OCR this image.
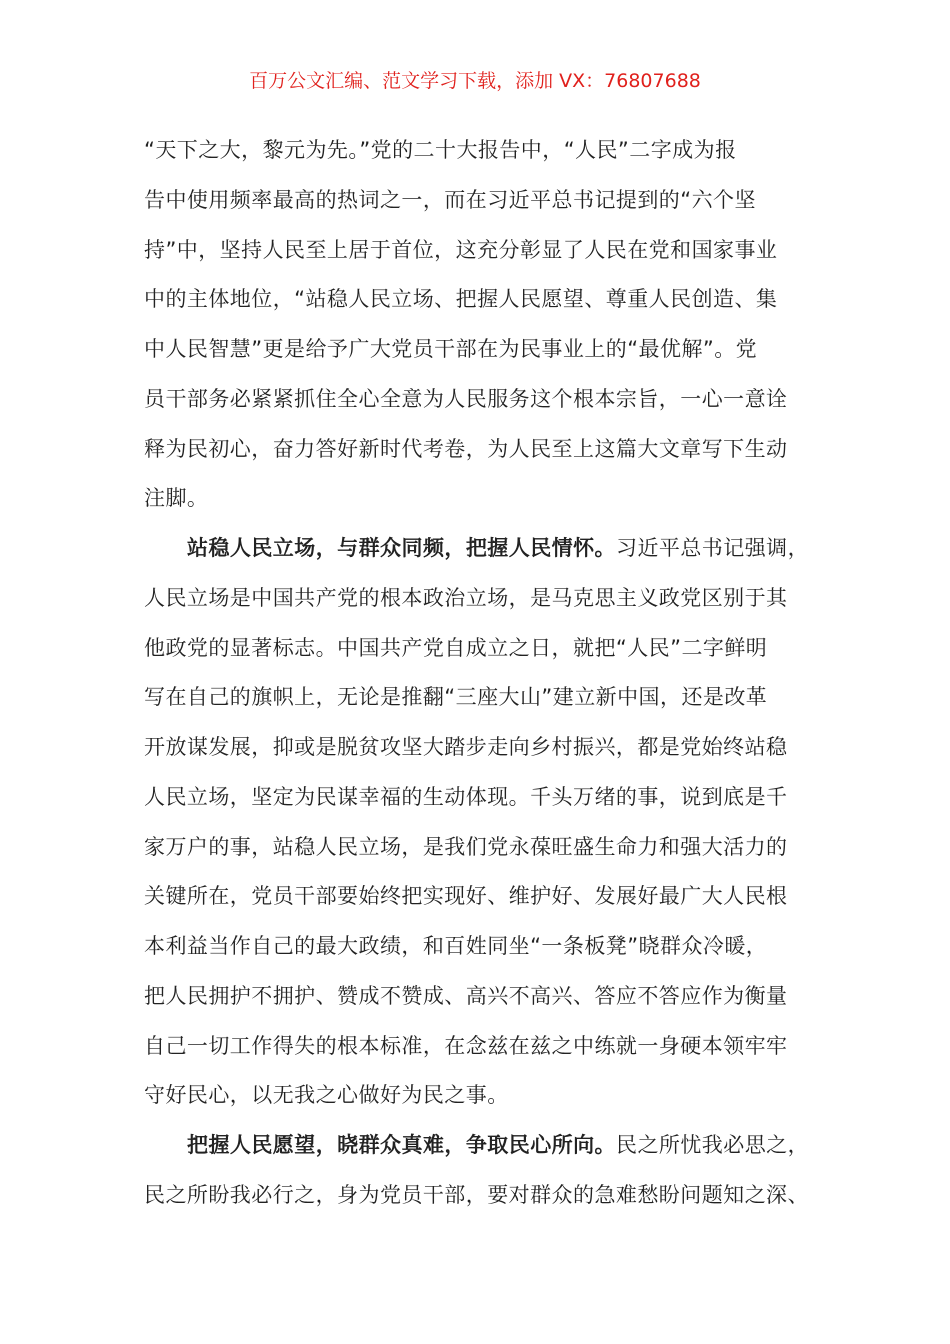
百万公文汇编、范文学习下载，添加 VX：76807688
“天下之大，黎元为先。”党的二十大报告中，“人民”二字成为报
告中使用频率最高的热词之一，而在习近平总书记提到的“六个坚
持”中，坚持人民至上居于首位，这充分彰显了人民在党和国家事业
中的主体地位，“站稳人民立场、把握人民愿望、尊重人民创造、集
中人民智慧”更是给予广大党员干部在为民事业上的“最优解”。党
员干部务必紧紧抓住全心全意为人民服务这个根本宗旨，一心一意诠
释为民初心，奋力答好新时代考卷，为人民至上这篇大文章写下生动
注脚。
站稳人民立场，与群众同频，把握人民情怀。习近平总书记强调，
人民立场是中国共产党的根本政治立场，是马克思主义政党区别于其
他政党的显著标志。中国共产党自成立之日，就把“人民”二字鲜明
写在自己的旗帜上，无论是推翻“三座大山”建立新中国，还是改革
开放谋发展，抑或是脱贫攻坚大踏步走向乡村振兴，都是党始终站稳
人民立场，坚定为民谋幸福的生动体现。千头万绪的事，说到底是千
家万户的事，站稳人民立场，是我们党永葆旺盛生命力和强大活力的
关键所在，党员干部要始终把实现好、维护好、发展好最广大人民根
本利益当作自己的最大政绩，和百姓同坐“一条板凳”晓群众冷暖，
把人民拥护不拥护、赞成不赞成、高兴不高兴、答应不答应作为衡量
自己一切工作得失的根本标准，在念兹在兹之中练就一身硬本领牢牢
守好民心，以无我之心做好为民之事。
把握人民愿望，晓群众真难，争取民心所向。民之所忧我必思之，
民之所盼我必行之，身为党员干部，要对群众的急难愁盼问题知之深、
